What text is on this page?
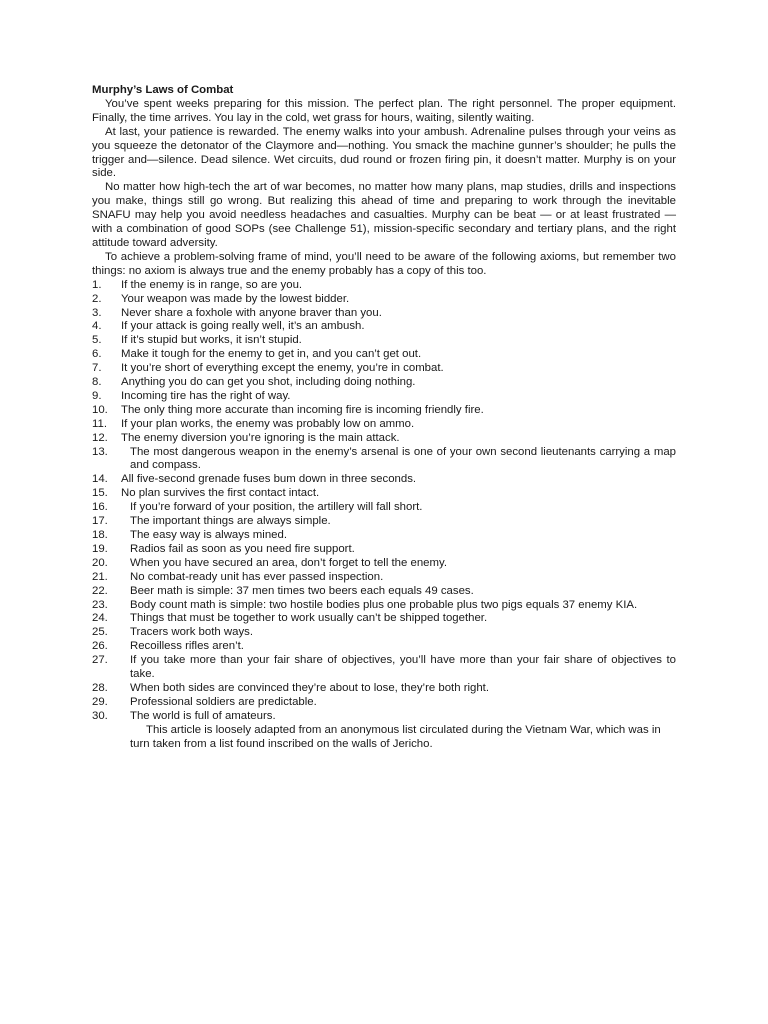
Murphy’s Laws of Combat

You’ve spent weeks preparing for this mission. The perfect plan. The right personnel. The proper equipment. Finally, the time arrives. You lay in the cold, wet grass for hours, waiting, silently waiting.

At last, your patience is rewarded. The enemy walks into your ambush. Adrenaline pulses through your veins as you squeeze the detonator of the Claymore and—nothing. You smack the machine gunner’s shoulder; he pulls the trigger and—silence. Dead silence. Wet circuits, dud round or frozen firing pin, it doesn’t matter. Murphy is on your side.

No matter how high-tech the art of war becomes, no matter how many plans, map studies, drills and inspections you make, things still go wrong. But realizing this ahead of time and preparing to work through the inevitable SNAFU may help you avoid needless headaches and casualties. Murphy can be beat — or at least frustrated —with a combination of good SOPs (see Challenge 51), mission-specific secondary and tertiary plans, and the right attitude toward adversity.

To achieve a problem-solving frame of mind, you’ll need to be aware of the following axioms, but remember two things: no axiom is always true and the enemy probably has a copy of this too.

1. If the enemy is in range, so are you.
2. Your weapon was made by the lowest bidder.
3. Never share a foxhole with anyone braver than you.
4. If your attack is going really well, it’s an ambush.
5. If it’s stupid but works, it isn’t stupid.
6. Make it tough for the enemy to get in, and you can’t get out.
7. It you’re short of everything except the enemy, you’re in combat.
8. Anything you do can get you shot, including doing nothing.
9. Incoming tire has the right of way.
10. The only thing more accurate than incoming fire is incoming friendly fire.
11. If your plan works, the enemy was probably low on ammo.
12. The enemy diversion you’re ignoring is the main attack.
13. The most dangerous weapon in the enemy’s arsenal is one of your own second lieutenants carrying a map and compass.
14. All five-second grenade fuses bum down in three seconds.
15. No plan survives the first contact intact.
16. If you’re forward of your position, the artillery will fall short.
17. The important things are always simple.
18. The easy way is always mined.
19. Radios fail as soon as you need fire support.
20. When you have secured an area, don’t forget to tell the enemy.
21. No combat-ready unit has ever passed inspection.
22. Beer math is simple: 37 men times two beers each equals 49 cases.
23. Body count math is simple: two hostile bodies plus one probable plus two pigs equals 37 enemy KIA.
24. Things that must be together to work usually can’t be shipped together.
25. Tracers work both ways.
26. Recoilless rifles aren’t.
27. If you take more than your fair share of objectives, you’ll have more than your fair share of objectives to take.
28. When both sides are convinced they’re about to lose, they’re both right.
29. Professional soldiers are predictable.
30. The world is full of amateurs.

This article is loosely adapted from an anonymous list circulated during the Vietnam War, which was in turn taken from a list found inscribed on the walls of Jericho.
